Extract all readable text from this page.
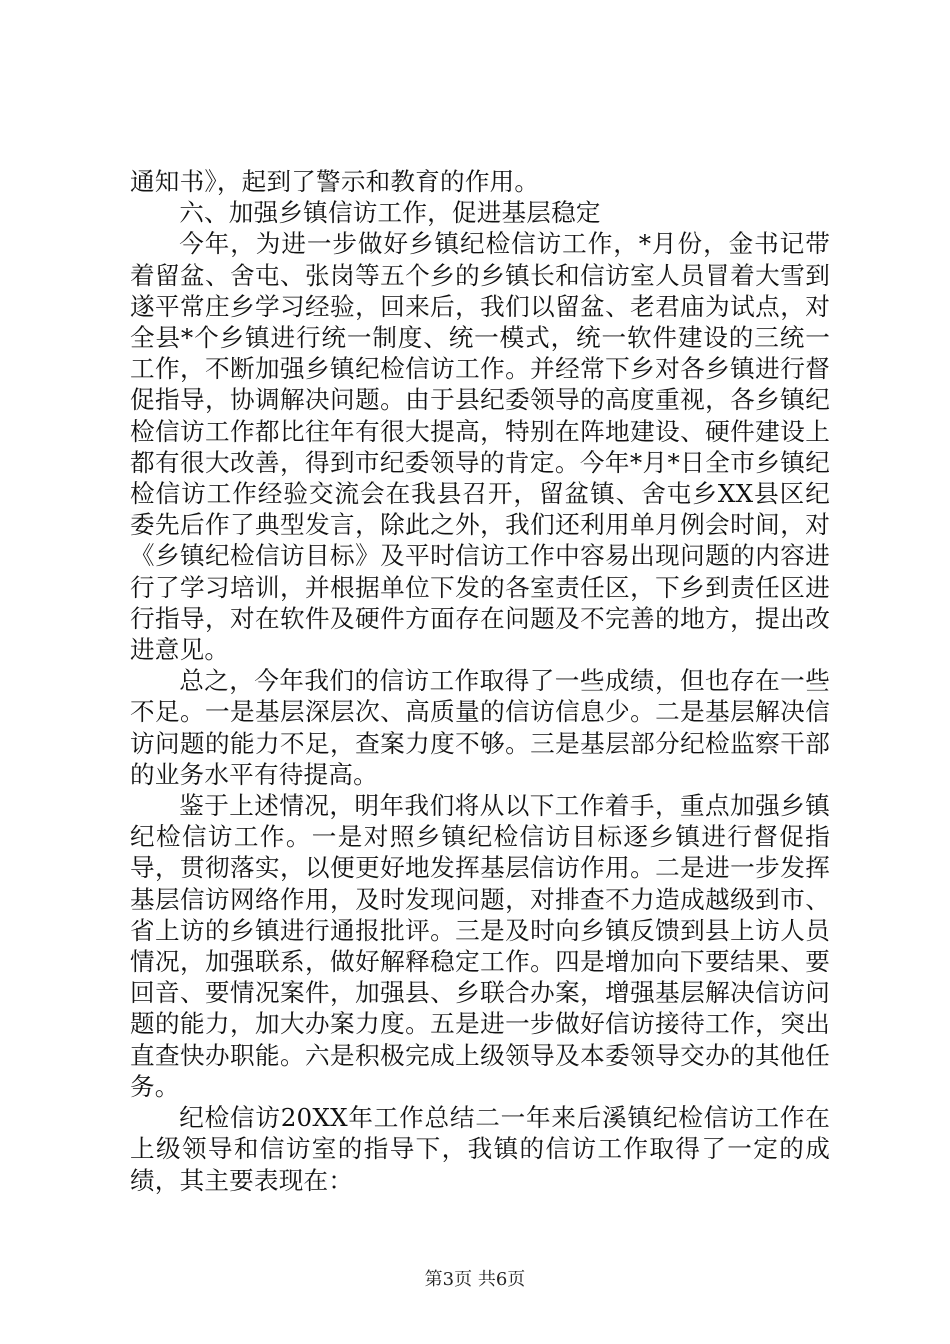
通知书》，起到了警示和教育的作用。

六、加强乡镇信访工作，促进基层稳定

今年，为进一步做好乡镇纪检信访工作，*月份，金书记带着留盆、舍屯、张岗等五个乡的乡镇长和信访室人员冒着大雪到遂平常庄乡学习经验，回来后，我们以留盆、老君庙为试点，对全县*个乡镇进行统一制度、统一模式，统一软件建设的三统一工作，不断加强乡镇纪检信访工作。并经常下乡对各乡镇进行督促指导，协调解决问题。由于县纪委领导的高度重视，各乡镇纪检信访工作都比往年有很大提高，特别在阵地建设、硬件建设上都有很大改善，得到市纪委领导的肯定。今年*月*日全市乡镇纪检信访工作经验交流会在我县召开，留盆镇、舍屯乡XX县区纪委先后作了典型发言，除此之外，我们还利用单月例会时间，对《乡镇纪检信访目标》及平时信访工作中容易出现问题的内容进行了学习培训，并根据单位下发的各室责任区，下乡到责任区进行指导，对在软件及硬件方面存在问题及不完善的地方，提出改进意见。

总之，今年我们的信访工作取得了一些成绩，但也存在一些不足。一是基层深层次、高质量的信访信息少。二是基层解决信访问题的能力不足，查案力度不够。三是基层部分纪检监察干部的业务水平有待提高。

鉴于上述情况，明年我们将从以下工作着手，重点加强乡镇纪检信访工作。一是对照乡镇纪检信访目标逐乡镇进行督促指导，贯彻落实，以便更好地发挥基层信访作用。二是进一步发挥基层信访网络作用，及时发现问题，对排查不力造成越级到市、省上访的乡镇进行通报批评。三是及时向乡镇反馈到县上访人员情况，加强联系，做好解释稳定工作。四是增加向下要结果、要回音、要情况案件，加强县、乡联合办案，增强基层解决信访问题的能力，加大办案力度。五是进一步做好信访接待工作，突出直查快办职能。六是积极完成上级领导及本委领导交办的其他任务。

纪检信访20XX年工作总结二一年来后溪镇纪检信访工作在上级领导和信访室的指导下，我镇的信访工作取得了一定的成绩，其主要表现在：

第3页 共6页
